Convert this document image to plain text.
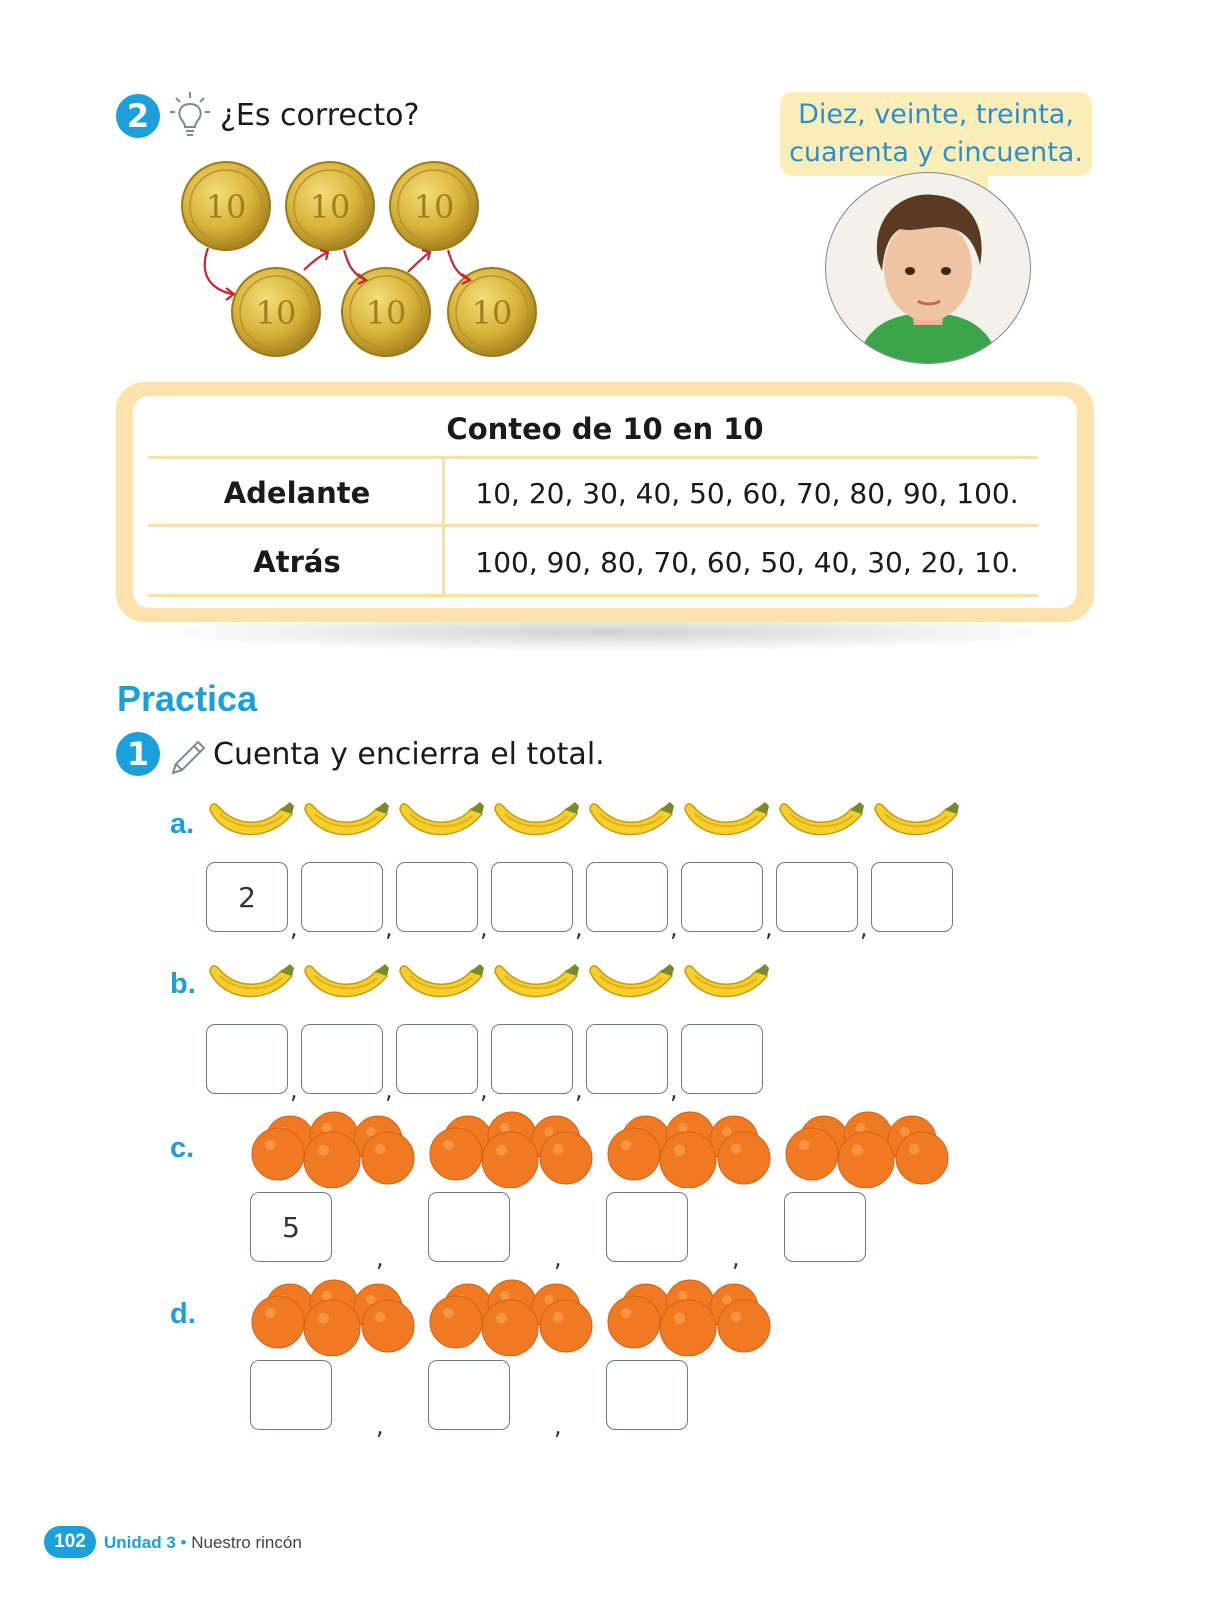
2 ¿Es correcto?
10 10 10
10 10 10
Diez, veinte, treinta,
cuarenta y cincuenta.
Conteo de 10 en 10
Adelante	10, 20, 30, 40, 50, 60, 70, 80, 90, 100.
Atrás	100, 90, 80, 70, 60, 50, 40, 30, 20, 10.
Practica
1 Cuenta y encierra el total.
a.
b.
c.
d.
2
,	,	,	,	,	,	,
,	,	,	,	,
5
,	,	,
,	,
102 Unidad 3 • Nuestro rincón
